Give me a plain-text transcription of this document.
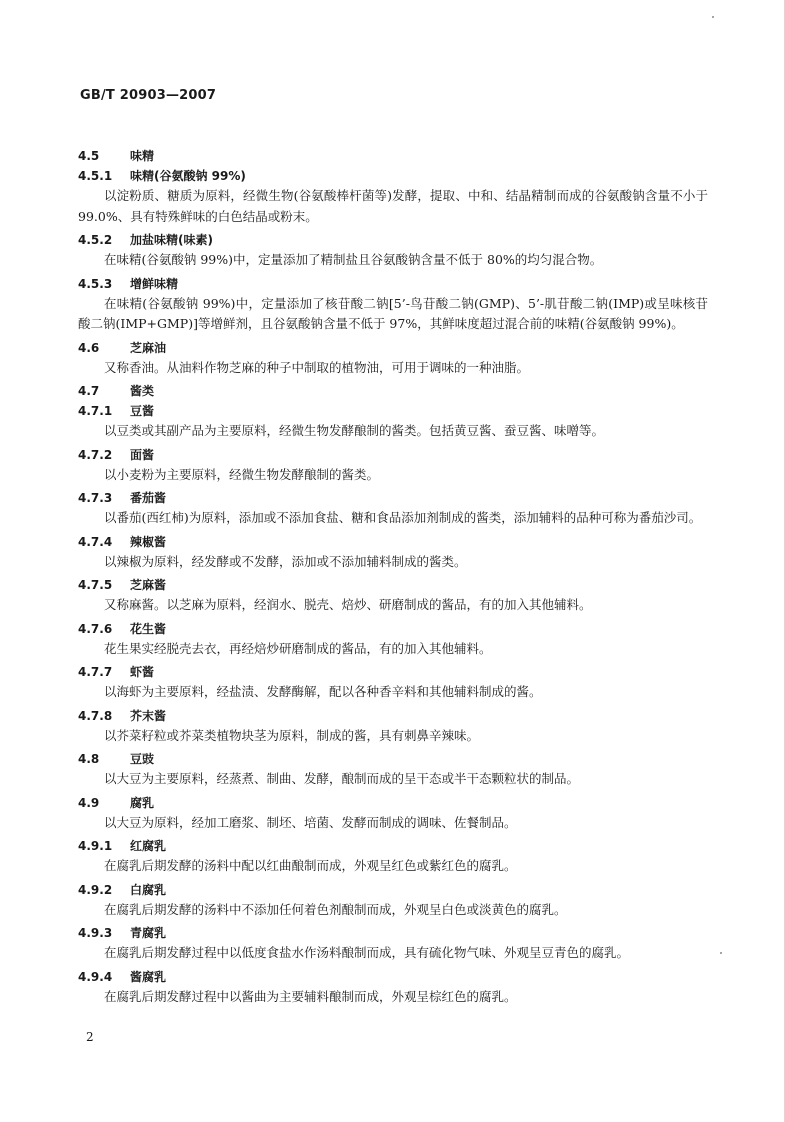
GB/T 20903—2007
4.5	味精
4.5.1 味精(谷氨酸钠 99%)

以淀粉质、糖质为原料，经微生物(谷氨酸棒杆菌等)发酵，提取、中和、结晶精制而成的谷氨酸钠含量不小于 99.0%、具有特殊鲜味的白色结晶或粉末。

4.5.2 加盐味精(味素)

在味精(谷氨酸钠 99%)中，定量添加了精制盐且谷氨酸钠含量不低于 80%的均匀混合物。

4.5.3 增鲜味精

在味精(谷氨酸钠 99%)中，定量添加了核苷酸二钠[5’-鸟苷酸二钠(GMP)、5’-肌苷酸二钠(IMP)或呈味核苷酸二钠(IMP+GMP)]等增鲜剂，且谷氨酸钠含量不低于 97%，其鲜味度超过混合前的味精(谷氨酸钠 99%)。

4.6	芝麻油

又称香油。从油料作物芝麻的种子中制取的植物油，可用于调味的一种油脂。

4.7	酱类
4.7.1 豆酱

以豆类或其副产品为主要原料，经微生物发酵酿制的酱类。包括黄豆酱、蚕豆酱、味噌等。

4.7.2 面酱

以小麦粉为主要原料，经微生物发酵酿制的酱类。

4.7.3 番茄酱

以番茄(西红柿)为原料，添加或不添加食盐、糖和食品添加剂制成的酱类，添加辅料的品种可称为番茄沙司。

4.7.4 辣椒酱

以辣椒为原料，经发酵或不发酵，添加或不添加辅料制成的酱类。

4.7.5 芝麻酱

又称麻酱。以芝麻为原料，经润水、脱壳、焙炒、研磨制成的酱品，有的加入其他辅料。

4.7.6 花生酱

花生果实经脱壳去衣，再经焙炒研磨制成的酱品，有的加入其他辅料。

4.7.7 虾酱

以海虾为主要原料，经盐渍、发酵酶解，配以各种香辛料和其他辅料制成的酱。

4.7.8 芥末酱

以芥菜籽粒或芥菜类植物块茎为原料，制成的酱，具有刺鼻辛辣味。

4.8	豆豉

以大豆为主要原料，经蒸煮、制曲、发酵，酿制而成的呈干态或半干态颗粒状的制品。

4.9	腐乳

以大豆为原料，经加工磨浆、制坯、培菌、发酵而制成的调味、佐餐制品。

4.9.1 红腐乳

在腐乳后期发酵的汤料中配以红曲酿制而成，外观呈红色或紫红色的腐乳。

4.9.2 白腐乳

在腐乳后期发酵的汤料中不添加任何着色剂酿制而成，外观呈白色或淡黄色的腐乳。

4.9.3 青腐乳

在腐乳后期发酵过程中以低度食盐水作汤料酿制而成，具有硫化物气味、外观呈豆青色的腐乳。

4.9.4 酱腐乳

在腐乳后期发酵过程中以酱曲为主要辅料酿制而成，外观呈棕红色的腐乳。

2
